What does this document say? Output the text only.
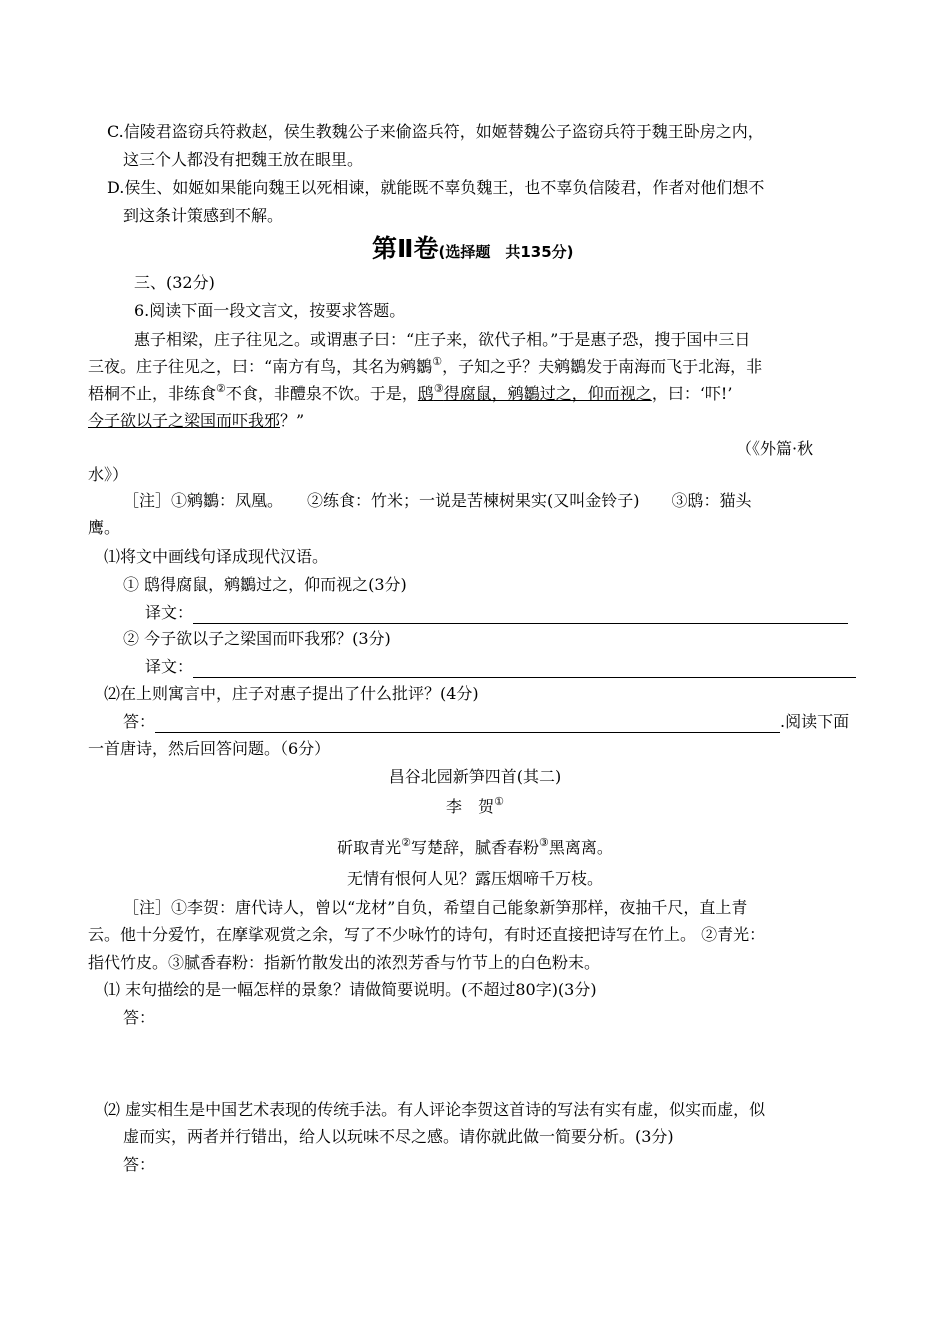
C.信陵君盗窃兵符救赵，侯生教魏公子来偷盗兵符，如姬替魏公子盗窃兵符于魏王卧房之内，
这三个人都没有把魏王放在眼里。
D.侯生、如姬如果能向魏王以死相谏，就能既不辜负魏王，也不辜负信陵君，作者对他们想不
到这条计策感到不解。
第Ⅱ卷(选择题　共135分)
三、(32分)
6.阅读下面一段文言文，按要求答题。
惠子相梁，庄子往见之。或谓惠子曰：“庄子来，欲代子相。”于是惠子恐，搜于国中三日
三夜。庄子往见之，曰：“南方有鸟，其名为鹓鶵①，子知之乎？夫鹓鶵发于南海而飞于北海，非
梧桐不止，非练食②不食，非醴泉不饮。于是，鸱③得腐鼠，鹓鶵过之，仰而视之，曰：‘吓!’
今子欲以子之梁国而吓我邪？”
（《外篇·秋
水》）
［注］①鹓鶵：凤凰。　　②练食：竹米；一说是苦楝树果实(又叫金铃子)　　③鸱：猫头
鹰。
⑴将文中画线句译成现代汉语。
① 鸱得腐鼠，鹓鶵过之，仰而视之(3分)
译文：
② 今子欲以子之梁国而吓我邪？(3分)
译文：
⑵在上则寓言中，庄子对惠子提出了什么批评？(4分)
答：	.阅读下面
一首唐诗，然后回答问题。（6分）
昌谷北园新笋四首(其二)
李　贺①
斫取青光②写楚辞，腻香春粉③黑离离。
无情有恨何人见？露压烟啼千万枝。
［注］①李贺：唐代诗人，曾以“龙材”自负，希望自己能象新笋那样，夜抽千尺，直上青
云。他十分爱竹，在摩挲观赏之余，写了不少咏竹的诗句，有时还直接把诗写在竹上。 ②青光：
指代竹皮。③腻香春粉：指新竹散发出的浓烈芳香与竹节上的白色粉末。
⑴ 末句描绘的是一幅怎样的景象？请做简要说明。(不超过80字)(3分)
答：
⑵ 虚实相生是中国艺术表现的传统手法。有人评论李贺这首诗的写法有实有虚，似实而虚，似
虚而实，两者并行错出，给人以玩味不尽之感。请你就此做一简要分析。(3分)
答：
